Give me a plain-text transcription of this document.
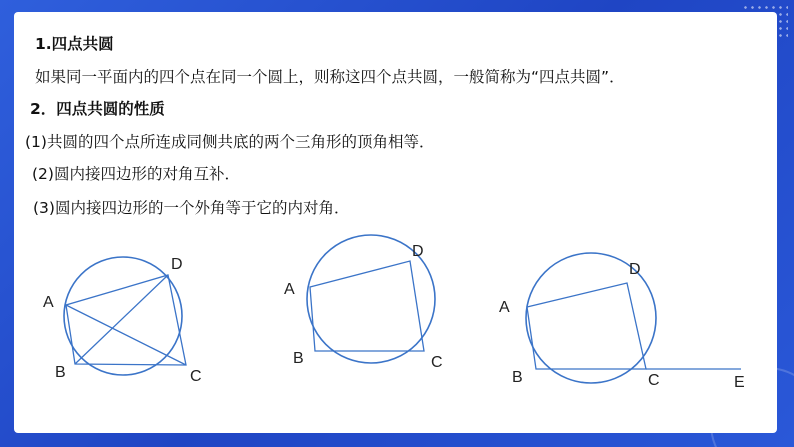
1.四点共圆
如果同一平面内的四个点在同一个圆上，则称这四个点共圆，一般简称为“四点共圆”．
2．四点共圆的性质
(1)共圆的四个点所连成同侧共底的两个三角形的顶角相等．
(2)圆内接四边形的对角互补．
(3)圆内接四边形的一个外角等于它的内对角．
A
B	C
D
A
B	C
D
A
B	C
D
E
